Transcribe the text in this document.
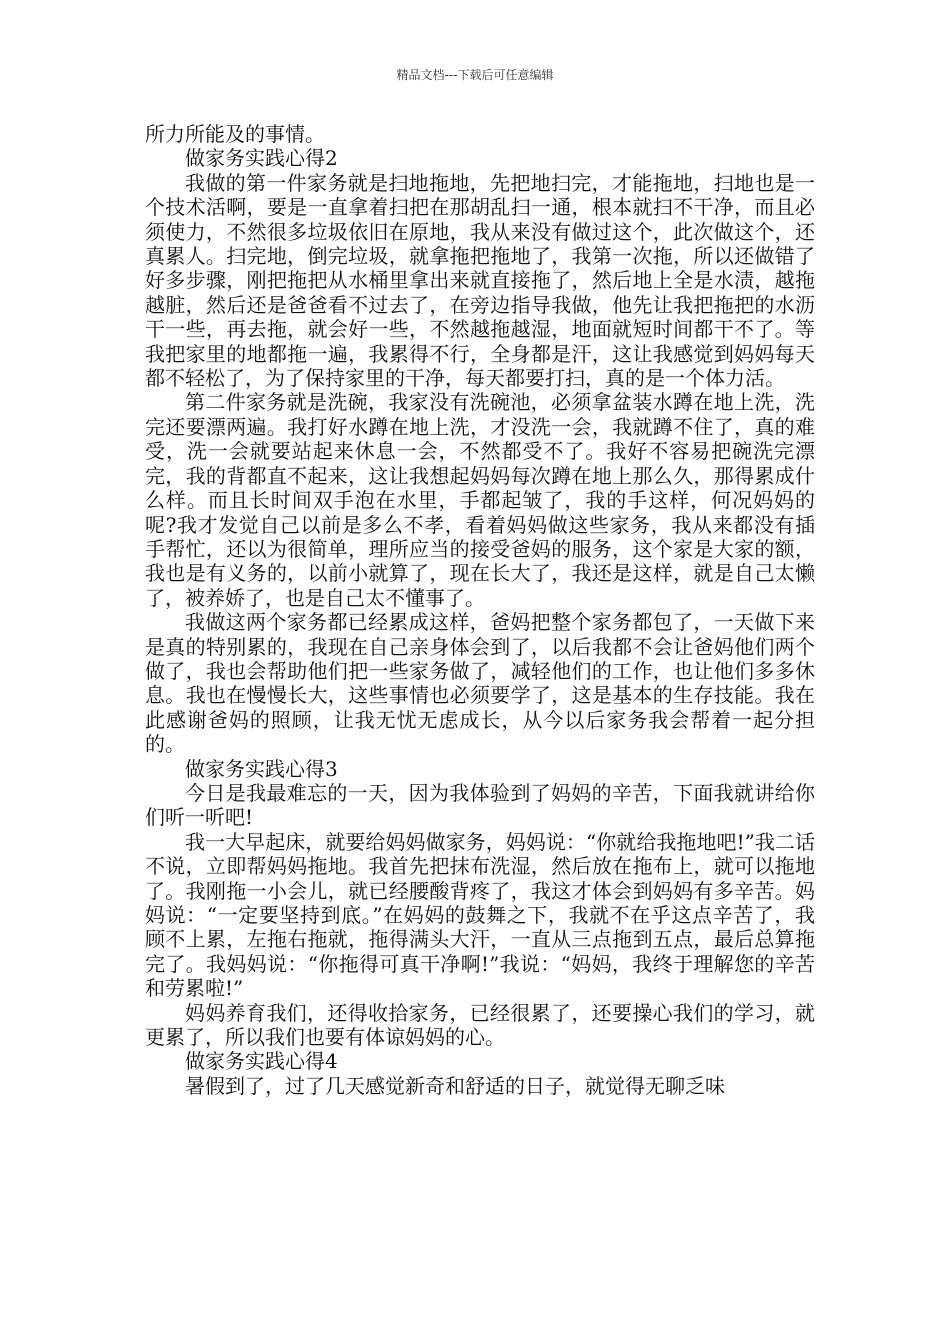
精品文档---下载后可任意编辑

所力所能及的事情。

做家务实践心得2

我做的第一件家务就是扫地拖地，先把地扫完，才能拖地，扫地也是一个技术活啊，要是一直拿着扫把在那胡乱扫一通，根本就扫不干净，而且必须使力，不然很多垃圾依旧在原地，我从来没有做过这个，此次做这个，还真累人。扫完地，倒完垃圾，就拿拖把拖地了，我第一次拖，所以还做错了好多步骤，刚把拖把从水桶里拿出来就直接拖了，然后地上全是水渍，越拖越脏，然后还是爸爸看不过去了，在旁边指导我做，他先让我把拖把的水沥干一些，再去拖，就会好一些，不然越拖越湿，地面就短时间都干不了。等我把家里的地都拖一遍，我累得不行，全身都是汗，这让我感觉到妈妈每天都不轻松了，为了保持家里的干净，每天都要打扫，真的是一个体力活。

第二件家务就是洗碗，我家没有洗碗池，必须拿盆装水蹲在地上洗，洗完还要漂两遍。我打好水蹲在地上洗，才没洗一会，我就蹲不住了，真的难受，洗一会就要站起来休息一会，不然都受不了。我好不容易把碗洗完漂完，我的背都直不起来，这让我想起妈妈每次蹲在地上那么久，那得累成什么样。而且长时间双手泡在水里，手都起皱了，我的手这样，何况妈妈的呢?我才发觉自己以前是多么不孝，看着妈妈做这些家务，我从来都没有插手帮忙，还以为很简单，理所应当的接受爸妈的服务，这个家是大家的额，我也是有义务的，以前小就算了，现在长大了，我还是这样，就是自己太懒了，被养娇了，也是自己太不懂事了。

我做这两个家务都已经累成这样，爸妈把整个家务都包了，一天做下来是真的特别累的，我现在自己亲身体会到了，以后我都不会让爸妈他们两个做了，我也会帮助他们把一些家务做了，减轻他们的工作，也让他们多多休息。我也在慢慢长大，这些事情也必须要学了，这是基本的生存技能。我在此感谢爸妈的照顾，让我无忧无虑成长，从今以后家务我会帮着一起分担的。

做家务实践心得3

今日是我最难忘的一天，因为我体验到了妈妈的辛苦，下面我就讲给你们听一听吧!

我一大早起床，就要给妈妈做家务，妈妈说：“你就给我拖地吧!”我二话不说，立即帮妈妈拖地。我首先把抹布洗湿，然后放在拖布上，就可以拖地了。我刚拖一小会儿，就已经腰酸背疼了，我这才体会到妈妈有多辛苦。妈妈说：“一定要坚持到底。”在妈妈的鼓舞之下，我就不在乎这点辛苦了，我顾不上累，左拖右拖就，拖得满头大汗，一直从三点拖到五点，最后总算拖完了。我妈妈说：“你拖得可真干净啊!”我说：“妈妈，我终于理解您的辛苦和劳累啦!”

妈妈养育我们，还得收拾家务，已经很累了，还要操心我们的学习，就更累了，所以我们也要有体谅妈妈的心。

做家务实践心得4

暑假到了，过了几天感觉新奇和舒适的日子，就觉得无聊乏味
